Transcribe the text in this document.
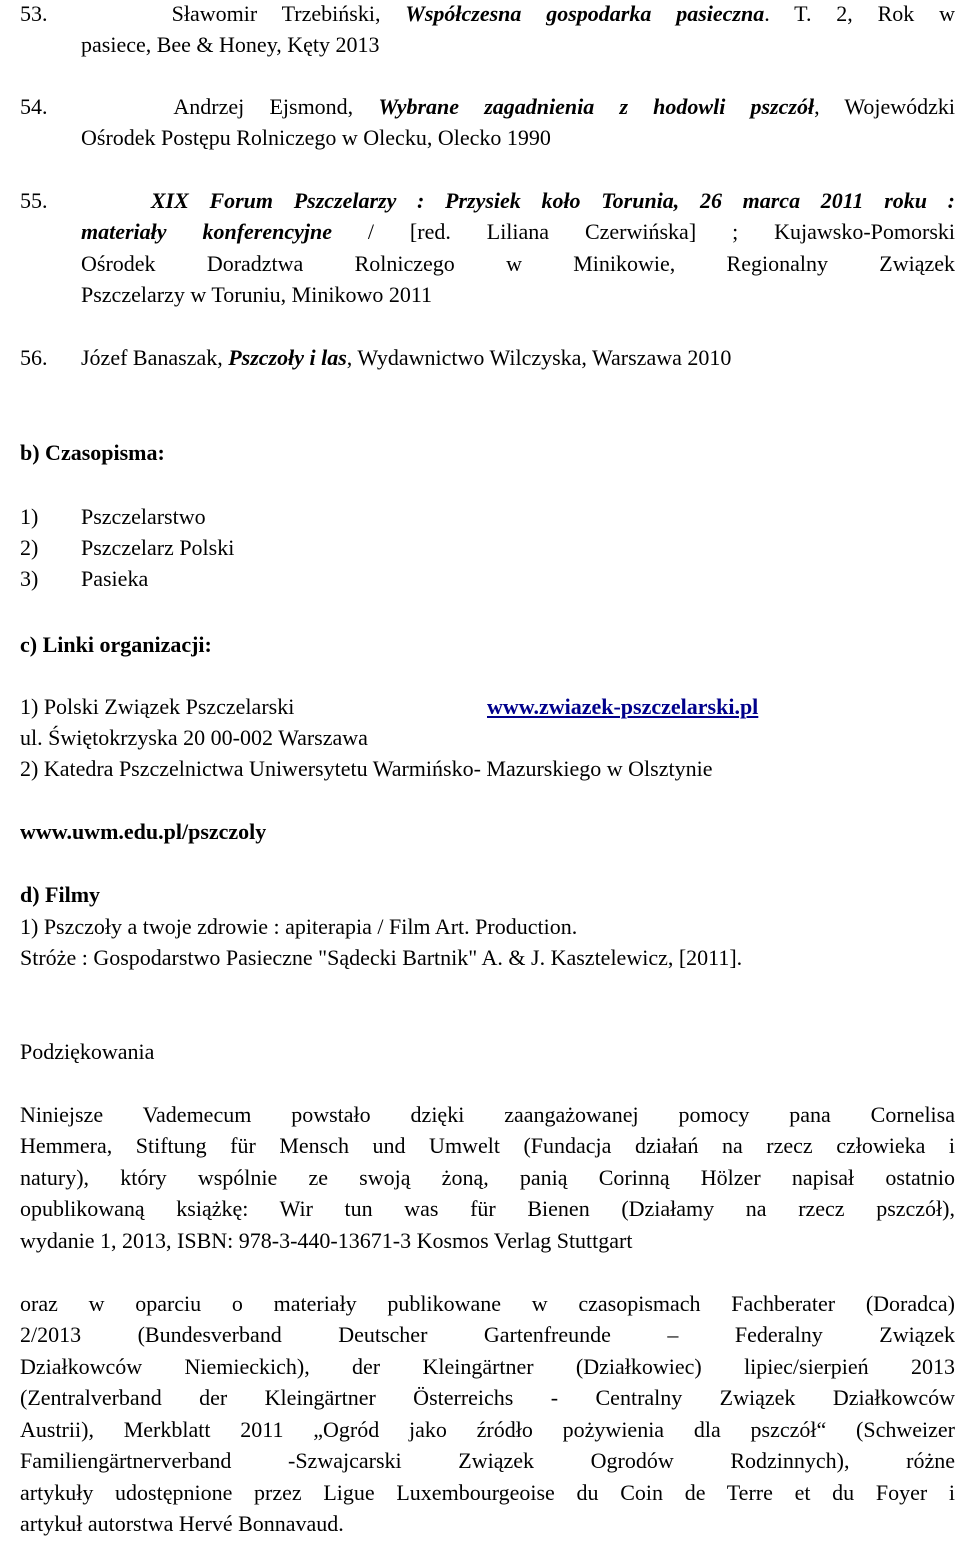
53.	Sławomir Trzebiński, Współczesna gospodarka pasieczna. T. 2, Rok w
pasiece, Bee & Honey, Kęty 2013
54.	Andrzej Ejsmond, Wybrane zagadnienia z hodowli pszczół, Wojewódzki
Ośrodek Postępu Rolniczego w Olecku, Olecko 1990
55.	XIX Forum Pszczelarzy : Przysiek koło Torunia, 26 marca 2011 roku :
materiały konferencyjne / [red. Liliana Czerwińska] ; Kujawsko-Pomorski
Ośrodek Doradztwa Rolniczego w Minikowie, Regionalny Związek
Pszczelarzy w Toruniu, Minikowo 2011
56. Józef Banaszak, Pszczoły i las, Wydawnictwo Wilczyska, Warszawa 2010
b) Czasopisma:
1) Pszczelarstwo
2) Pszczelarz Polski
3) Pasieka
c) Linki organizacji:
1) Polski Związek Pszczelarski	www.zwiazek-pszczelarski.pl
ul. Świętokrzyska 20 00-002 Warszawa
2) Katedra Pszczelnictwa Uniwersytetu Warmińsko- Mazurskiego w Olsztynie
www.uwm.edu.pl/pszczoly
d) Filmy
1) Pszczoły a twoje zdrowie : apiterapia / Film Art. Production.
Stróże : Gospodarstwo Pasieczne "Sądecki Bartnik" A. & J. Kasztelewicz, [2011].
Podziękowania
Niniejsze Vademecum powstało dzięki zaangażowanej pomocy pana Cornelisa
Hemmera, Stiftung für Mensch und Umwelt (Fundacja działań na rzecz człowieka i
natury), który wspólnie ze swoją żoną, panią Corinną Hölzer napisał ostatnio
opublikowaną książkę: Wir tun was für Bienen (Działamy na rzecz pszczół),
wydanie 1, 2013, ISBN: 978-3-440-13671-3 Kosmos Verlag Stuttgart
oraz w oparciu o materiały publikowane w czasopismach Fachberater (Doradca)
2/2013 (Bundesverband Deutscher Gartenfreunde – Federalny Związek
Działkowców Niemieckich), der Kleingärtner (Działkowiec) lipiec/sierpień 2013
(Zentralverband der Kleingärtner Österreichs - Centralny Związek Działkowców
Austrii), Merkblatt 2011 „Ogród jako źródło pożywienia dla pszczół“ (Schweizer
Familiengärtnerverband -Szwajcarski Związek Ogrodów Rodzinnych), różne
artykuły udostępnione przez Ligue Luxembourgeoise du Coin de Terre et du Foyer i
artykuł autorstwa Hervé Bonnavaud.
